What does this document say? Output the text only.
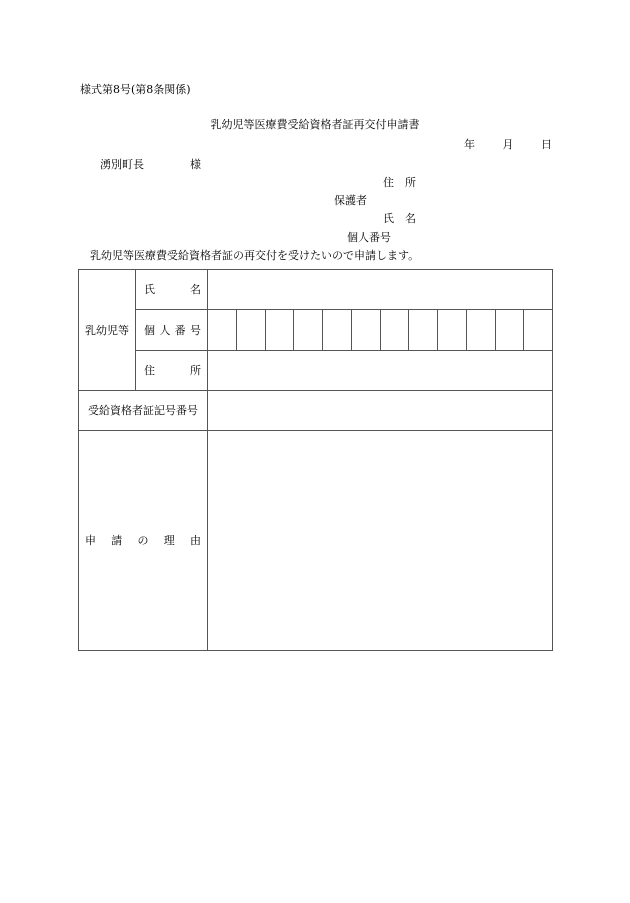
様式第8号(第8条関係)
乳幼児等医療費受給資格者証再交付申請書
年	月	日
湧別町長	様
住　所
保護者
氏　名
個人番号
乳幼児等医療費受給資格者証の再交付を受けたいので申請します。
乳幼児等	氏 名	

	個 人 番 号	

	住 所	

受給資格者証記号番号		

申 請 の 理 由		
